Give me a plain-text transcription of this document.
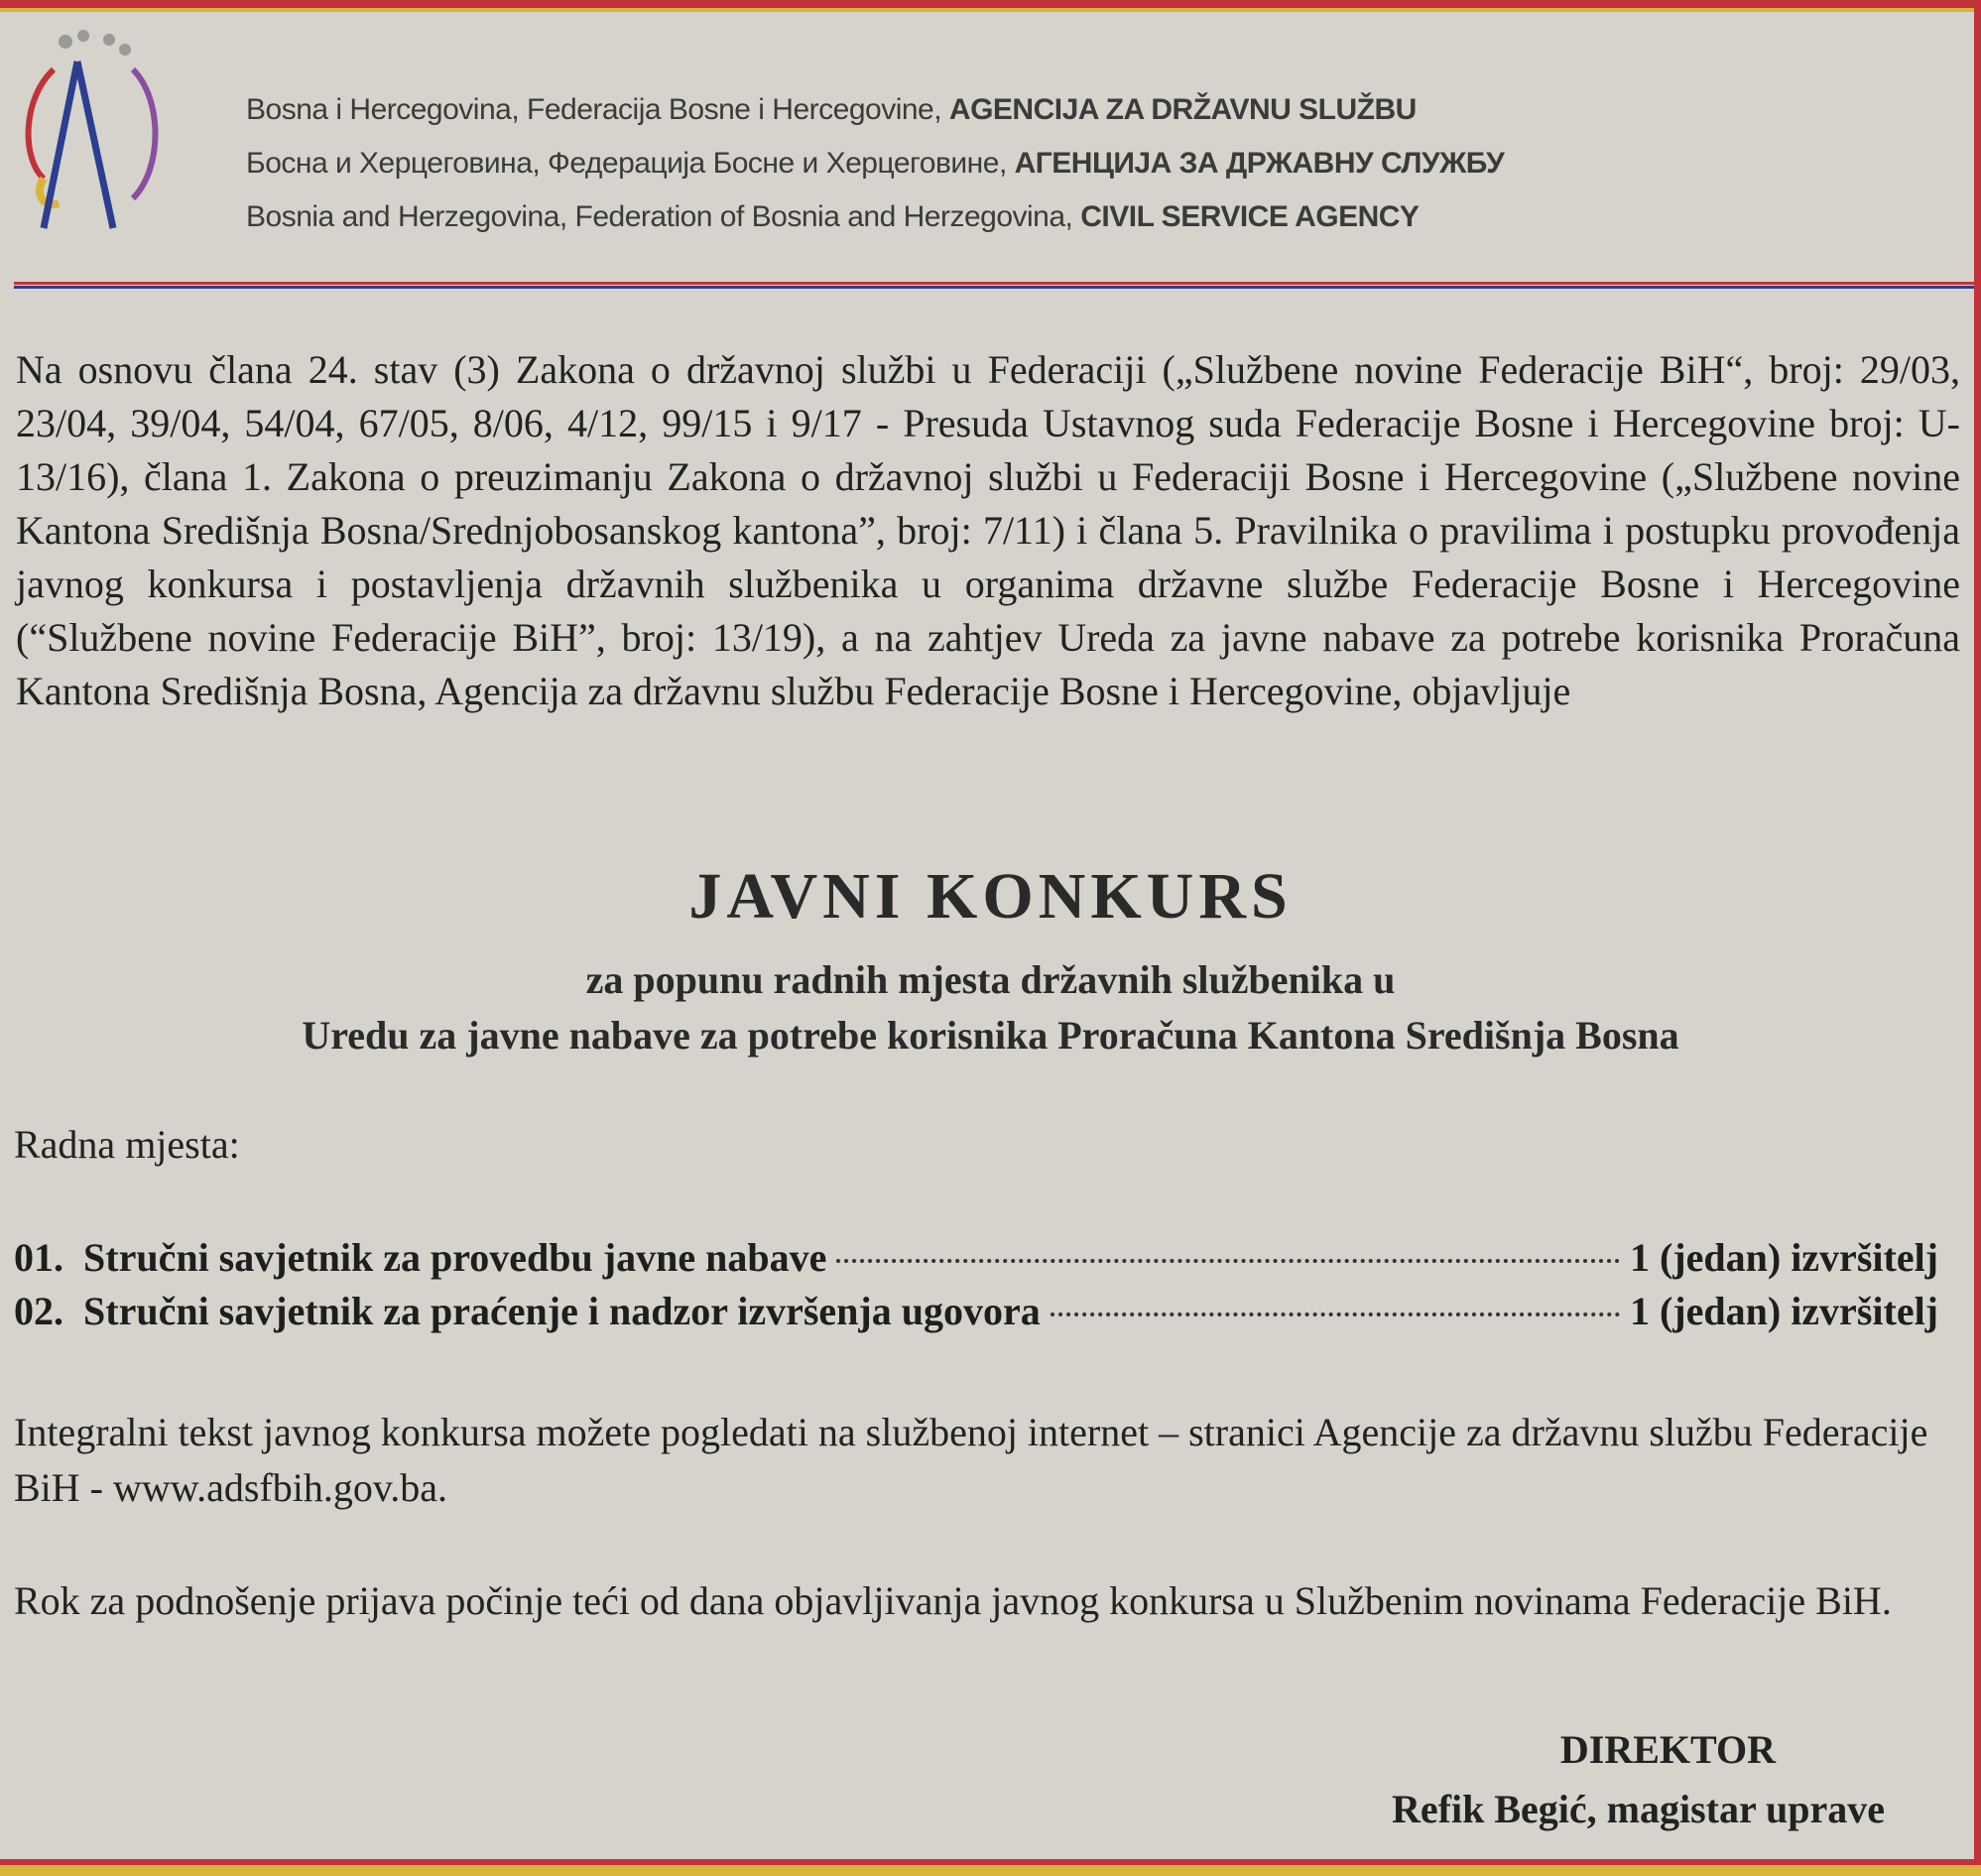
Bosna i Hercegovina, Federacija Bosne i Hercegovine, AGENCIJA ZA DRŽAVNU SLUŽBU
Босна и Херцеговина, Федерација Босне и Херцеговине, АГЕНЦИЈА ЗА ДРЖАВНУ СЛУЖБУ
Bosnia and Herzegovina, Federation of Bosnia and Herzegovina, CIVIL SERVICE AGENCY
Na osnovu člana 24. stav (3) Zakona o državnoj službi u Federaciji („Službene novine Federacije BiH“, broj: 29/03, 23/04, 39/04, 54/04, 67/05, 8/06, 4/12, 99/15 i 9/17 - Presuda Ustavnog suda Federacije Bosne i Hercegovine broj: U-13/16), člana 1. Zakona o preuzimanju Zakona o državnoj službi u Federaciji Bosne i Hercegovine („Službene novine Kantona Središnja Bosna/Srednjobosanskog kantona”, broj: 7/11) i člana 5. Pravilnika o pravilima i postupku provođenja javnog konkursa i postavljenja državnih službenika u organima državne službe Federacije Bosne i Hercegovine (“Službene novine Federacije BiH”, broj: 13/19), a na zahtjev Ureda za javne nabave za potrebe korisnika Proračuna Kantona Središnja Bosna, Agencija za državnu službu Federacije Bosne i Hercegovine, objavljuje
JAVNI KONKURS
za popunu radnih mjesta državnih službenika u
Uredu za javne nabave za potrebe korisnika Proračuna Kantona Središnja Bosna
Radna mjesta:
01. Stručni savjetnik za provedbu javne nabave	1 (jedan) izvršitelj
02. Stručni savjetnik za praćenje i nadzor izvršenja ugovora	1 (jedan) izvršitelj
Integralni tekst javnog konkursa možete pogledati na službenoj internet – stranici Agencije za državnu službu Federacije BiH - www.adsfbih.gov.ba.
Rok za podnošenje prijava počinje teći od dana objavljivanja javnog konkursa u Službenim novinama Federacije BiH.
DIREKTOR
Refik Begić, magistar uprave
